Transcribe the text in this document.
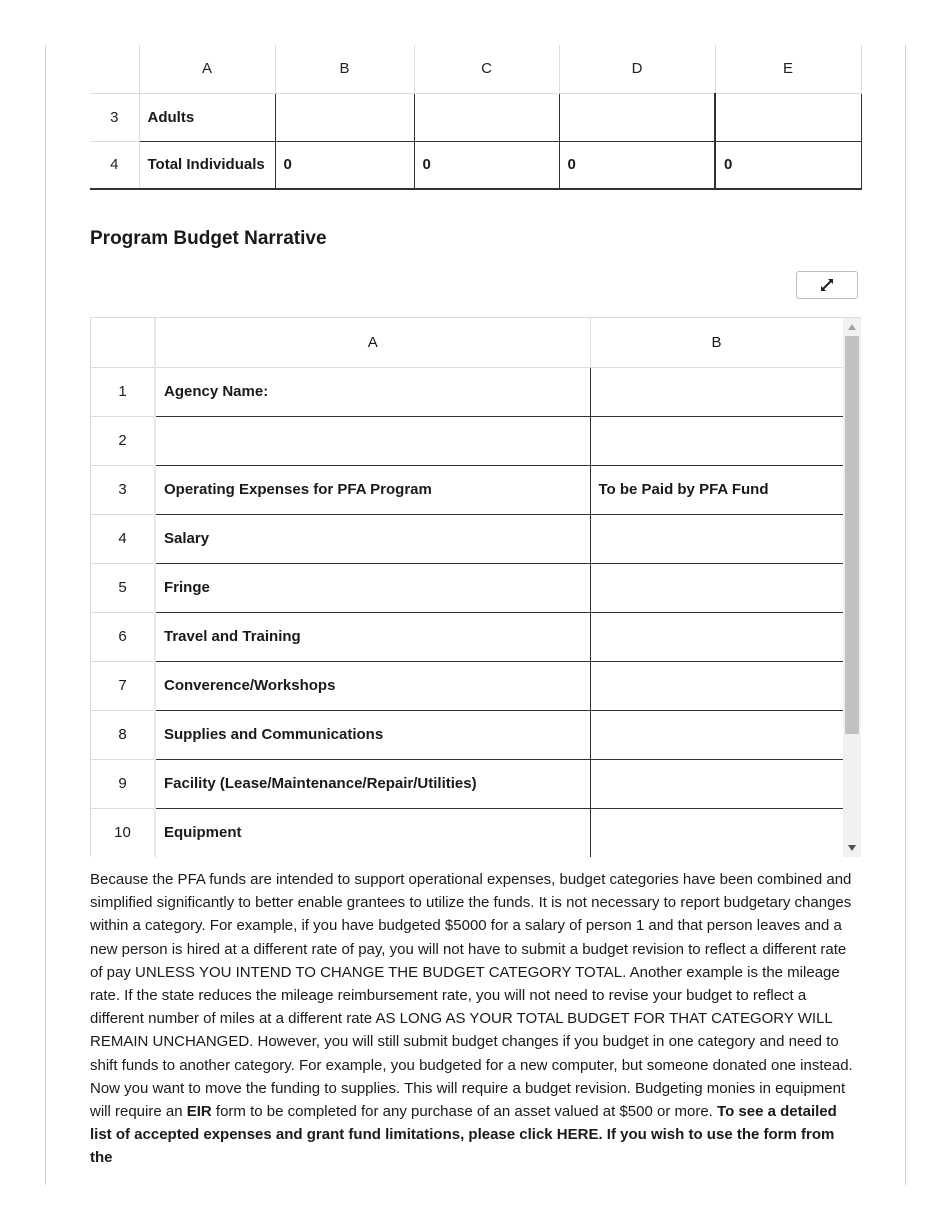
	A	B	C	D	E
3	Adults				
4	Total Individuals	0	0	0	0
Program Budget Narrative
	A	B
1	Agency Name:	
2		
3	Operating Expenses for PFA Program	To be Paid by PFA Fund
4	Salary	
5	Fringe	
6	Travel and Training	
7	Converence/Workshops	
8	Supplies and Communications	
9	Facility (Lease/Maintenance/Repair/Utilities)	
10	Equipment	

Because the PFA funds are intended to support operational expenses, budget categories have been combined and simplified significantly to better enable grantees to utilize the funds. It is not necessary to report budgetary changes within a category. For example, if you have budgeted $5000 for a salary of person 1 and that person leaves and a new person is hired at a different rate of pay, you will not have to submit a budget revision to reflect a different rate of pay UNLESS YOU INTEND TO CHANGE THE BUDGET CATEGORY TOTAL. Another example is the mileage rate. If the state reduces the mileage reimbursement rate, you will not need to revise your budget to reflect a different number of miles at a different rate AS LONG AS YOUR TOTAL BUDGET FOR THAT CATEGORY WILL REMAIN UNCHANGED. However, you will still submit budget changes if you budget in one category and need to shift funds to another category. For example, you budgeted for a new computer, but someone donated one instead. Now you want to move the funding to supplies. This will require a budget revision. Budgeting monies in equipment will require an EIR form to be completed for any purchase of an asset valued at $500 or more. To see a detailed list of accepted expenses and grant fund limitations, please click HERE. If you wish to use the form from the
